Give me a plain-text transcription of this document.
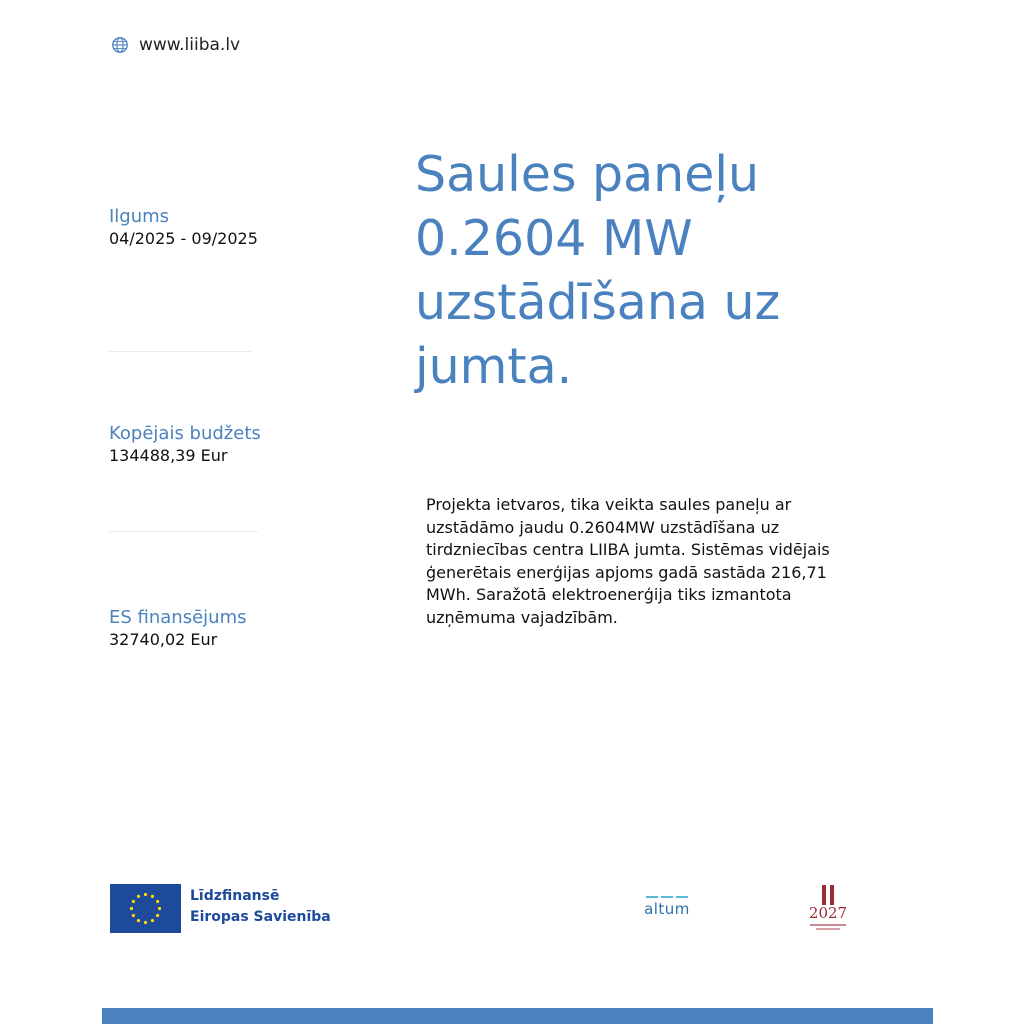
www.liiba.lv
Saules paneļu 0.2604 MW uzstādīšana uz jumta.
Ilgums
04/2025 - 09/2025
Kopējais budžets
134488,39 Eur
ES finansējums
32740,02 Eur

Projekta ietvaros, tika veikta saules paneļu ar uzstādāmo jaudu 0.2604MW uzstādīšana uz tirdzniecības centra LIIBA jumta. Sistēmas vidējais ģenerētais enerģijas apjoms gadā sastāda 216,71 MWh. Saražotā elektroenerģija tiks izmantota uzņēmuma vajadzībām.

Līdzfinansē
Eiropas Savienība	altum	2027
